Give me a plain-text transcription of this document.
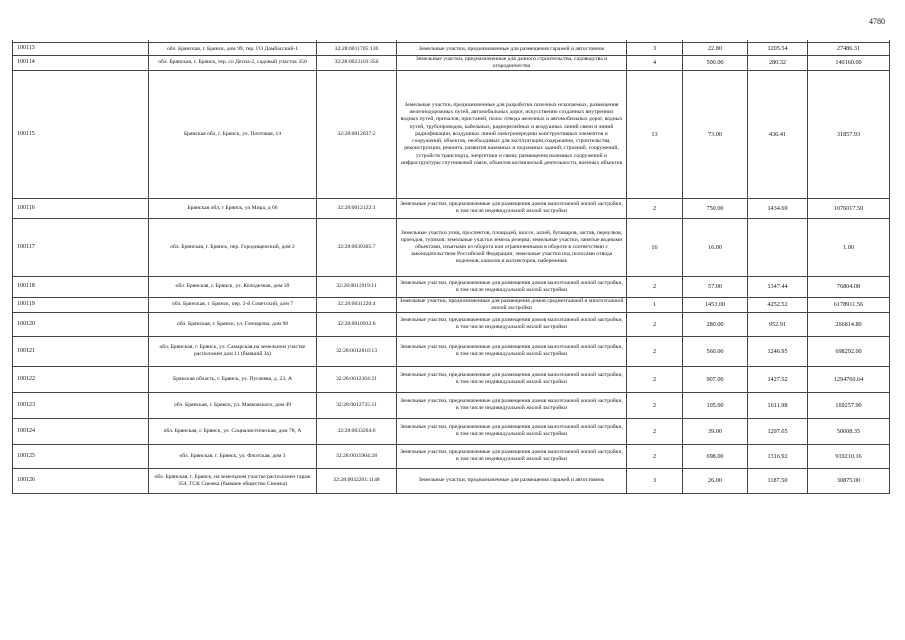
4780

100113	обл. Брянская, г. Брянск, дом 99, тер. ГО Дамбасский-1	32:28:0011705:136	Земельные участки, предназначенные для размещения гаражей и автостоянок	3	22.80	1205.54	27486.31
100114	обл. Брянская, г. Брянск, тер. сo Десна-2, садовый участок 350	32:28:0023103:350	Земельные участки, предназначенные для дачного строительства, садоводства и огородничества	4	500.00	280.32	140160.00
100115	Брянская обл, г. Брянск, ул. Почтовая, 14	32:28:0012837:2	Земельные участки, предназначенные для разработки полезных ископаемых, размещения железнодорожных путей, автомобильных дорог, искусственно созданных внутренних водных путей, причалов, пристаней, полос отвода железных и автомобильных дорог, водных путей, трубопроводов, кабельных, радиорелейных и воздушных линий связи и линий радиофикации, воздушных линий электропередачи конструктивных элементов и сооружений, объектов, необходимых для эксплуатации,содержания, строительства, реконструкции, ремонта, развития наземных и подземных зданий, строений, сооружений, устройств транспорта, энергетики и связи; размещения наземных сооружений и инфраструктуры спутниковой связи, объектов космической деятельности, военных объектов	13	73.00	436.41	31857.93
100116	Брянская обл, г Брянск, ул Мира, д 66	32:28:0012122:1	Земельные участки, предназначенные для размещения домов малоэтажной жилой застройки, в том числе индивидуальной жилой застройки	2	750.00	1434.69	1076017.50
100117	обл. Брянская, г. Брянск, пер. Городищенский, дом 2	32:28:0030305:7	Земельные участки улиц, проспектов, площадей, шоссе, аллей, бульваров, застав, переулков, проездов, тупиков; земельные участки земель резерва; земельные участки, занятые водными объектами, изъятыми из оборота или ограниченными в обороте в соответствии с законодательством Российской Федерации; земельные участки под полосами отвода водоемов, каналов и коллекторов, набережные	16	16.00		1.00
100118	обл. Брянская, г. Брянск, ул. Колодезная, дом 39	32:28:0011919:11	Земельные участки, предназначенные для размещения домов малоэтажной жилой застройки, в том числе индивидуальной жилой застройки	2	57.00	1347.44	76804.08
100119	обл. Брянская, г. Брянск, пер. 2-й Советский, дом 7	32:28:0031220:4	Земельные участки, предназначенные для размещения домов среднеэтажной и многоэтажной жилой застройки	1	1453.00	4252.52	6178911.56
100120	обл. Брянская, г. Брянск, ул. Гончарова, дом 98	32:28:0010932:6	Земельные участки, предназначенные для размещения домов малоэтажной жилой застройки, в том числе индивидуальной жилой застройки	2	280.00	952.91	266814.80
100121	обл. Брянская, г. Брянск, ул. Самарская,на земельном участке расположен дом 11 (бывший 3а)	32:28:0012810:13	Земельные участки, предназначенные для размещения домов малоэтажной жилой застройки, в том числе индивидуальной жилой застройки	2	560.00	1246.95	698292.00
100122	Брянская область, г. Брянск, ул. Пугачева, д. 23, А	32:28:0012304:21	Земельные участки, предназначенные для размещения домов малоэтажной жилой застройки, в том числе индивидуальной жилой застройки	2	907.00	1427.52	1294760.64
100123	обл. Брянская, г. Брянск, ул. Маяковского, дом 49	32:28:0012725:11	Земельные участки, предназначенные для размещения домов малоэтажной жилой застройки, в том числе индивидуальной жилой застройки	2	105.00	1611.98	169257.90
100124	обл. Брянская, г. Брянск, ул. Социалистическая, дом 78, А	32:28:0033204:6	Земельные участки, предназначенные для размещения домов малоэтажной жилой застройки, в том числе индивидуальной жилой застройки	2	39.00	1297.65	50608.35
100125	обл. Брянская, г. Брянск, ул. Флотская, дом 3	32:28:0015904:28	Земельные участки, предназначенные для размещения домов малоэтажной жилой застройки, в том числе индивидуальной жилой застройки	2	698.00	1316.92	919210.16
100126	обл. Брянская, г. Брянск, на земельном участке расположен гараж 354, ГСК Снежка (бывшее общество Снежка)	32:28:0032201:1148	Земельные участки, предназначенные для размещения гаражей и автостоянок	3	26.00	1187.50	30875.00
